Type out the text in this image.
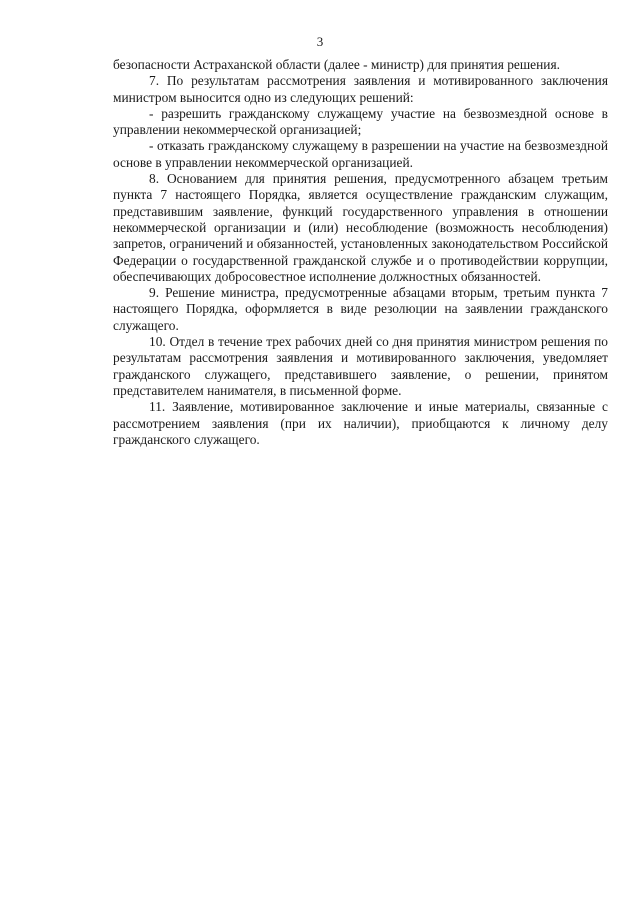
3

безопасности Астраханской области (далее - министр) для принятия решения.

7. По результатам рассмотрения заявления и мотивированного заключения министром выносится одно из следующих решений:

- разрешить гражданскому служащему участие на безвозмездной основе в управлении некоммерческой организацией;

- отказать гражданскому служащему в разрешении на участие на безвозмездной основе в управлении некоммерческой организацией.

8. Основанием для принятия решения, предусмотренного абзацем третьим пункта 7 настоящего Порядка, является осуществление гражданским служащим, представившим заявление, функций государственного управления в отношении некоммерческой организации и (или) несоблюдение (возможность несоблюдения) запретов, ограничений и обязанностей, установленных законодательством Российской Федерации о государственной гражданской службе и о противодействии коррупции, обеспечивающих добросовестное исполнение должностных обязанностей.

9. Решение министра, предусмотренные абзацами вторым, третьим пункта 7 настоящего Порядка, оформляется в виде резолюции на заявлении гражданского служащего.

10. Отдел в течение трех рабочих дней со дня принятия министром решения по результатам рассмотрения заявления и мотивированного заключения, уведомляет гражданского служащего, представившего заявление, о решении, принятом представителем нанимателя, в письменной форме.

11. Заявление, мотивированное заключение и иные материалы, связанные с рассмотрением заявления (при их наличии), приобщаются к личному делу гражданского служащего.
